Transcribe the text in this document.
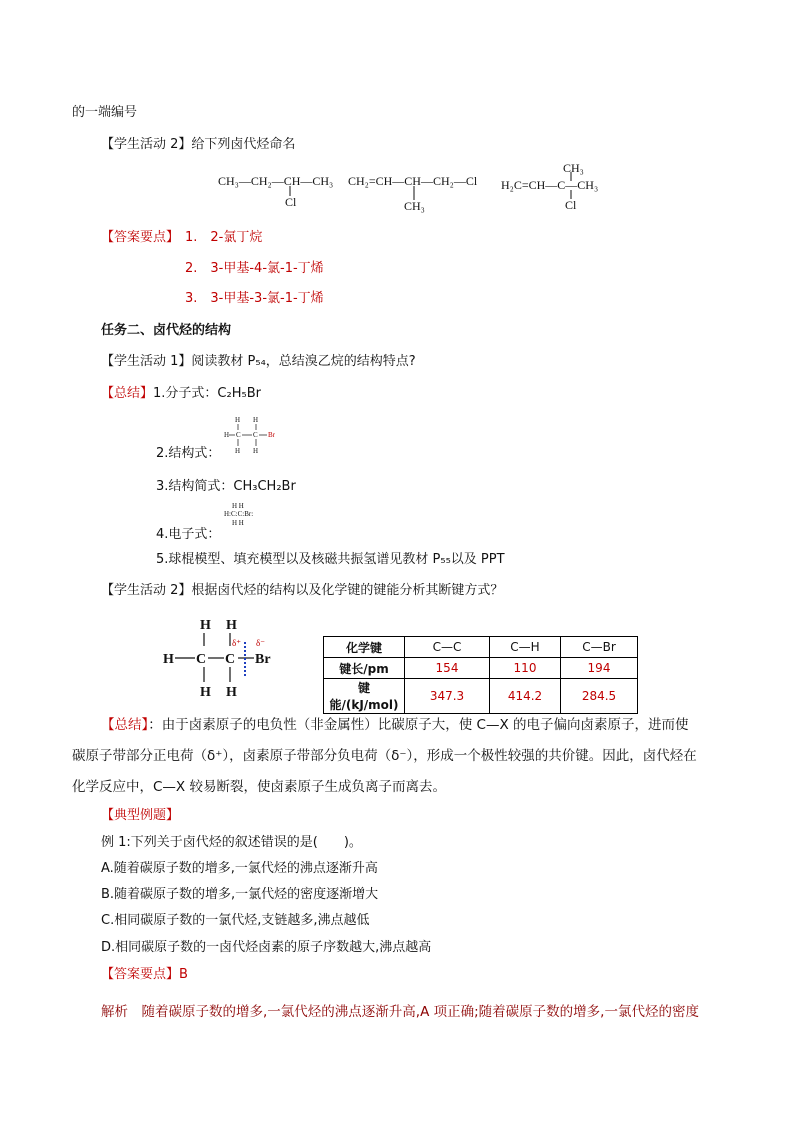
的一端编号
【学生活动 2】给下列卤代烃命名
CH₃—CH₂—CH—CH₃
Cl
CH₂=CH—CH—CH₂—Cl
CH₃
CH₃
H₂C=CH—C—CH₃
Cl
【答案要点】 1.　2-氯丁烷
2.　3-甲基-4-氯-1-丁烯
3.　3-甲基-3-氯-1-丁烯
任务二、卤代烃的结构
【学生活动 1】阅读教材 P₅₄，总结溴乙烷的结构特点?
【总结】1.分子式：C₂H₅Br
H H
H C C Br
H H
2.结构式：
3.结构简式：CH₃CH₂Br
H H
H:C:C:Br:
H H
4.电子式：
5.球棍模型、填充模型以及核磁共振氢谱见教材 P₅₅以及 PPT
【学生活动 2】根据卤代烃的结构以及化学键的键能分析其断键方式？
H H
H C C Br
H H
δ⁺ δ⁻	化学键	C—C	C—H	C—Br
键长/pm	154	110	194
键能/(kJ/mol)	347.3	414.2	284.5
【总结】：由于卤素原子的电负性（非金属性）比碳原子大，使 C—X 的电子偏向卤素原子，进而使
碳原子带部分正电荷（δ⁺），卤素原子带部分负电荷（δ⁻），形成一个极性较强的共价键。因此，卤代烃在
化学反应中，C—X 较易断裂，使卤素原子生成负离子而离去。
【典型例题】
例 1:下列关于卤代烃的叙述错误的是(　　)。
A.随着碳原子数的增多,一氯代烃的沸点逐渐升高
B.随着碳原子数的增多,一氯代烃的密度逐渐增大
C.相同碳原子数的一氯代烃,支链越多,沸点越低
D.相同碳原子数的一卤代烃卤素的原子序数越大,沸点越高
【答案要点】B
解析　 随着碳原子数的增多,一氯代烃的沸点逐渐升高,A 项正确;随着碳原子数的增多,一氯代烃的密度
